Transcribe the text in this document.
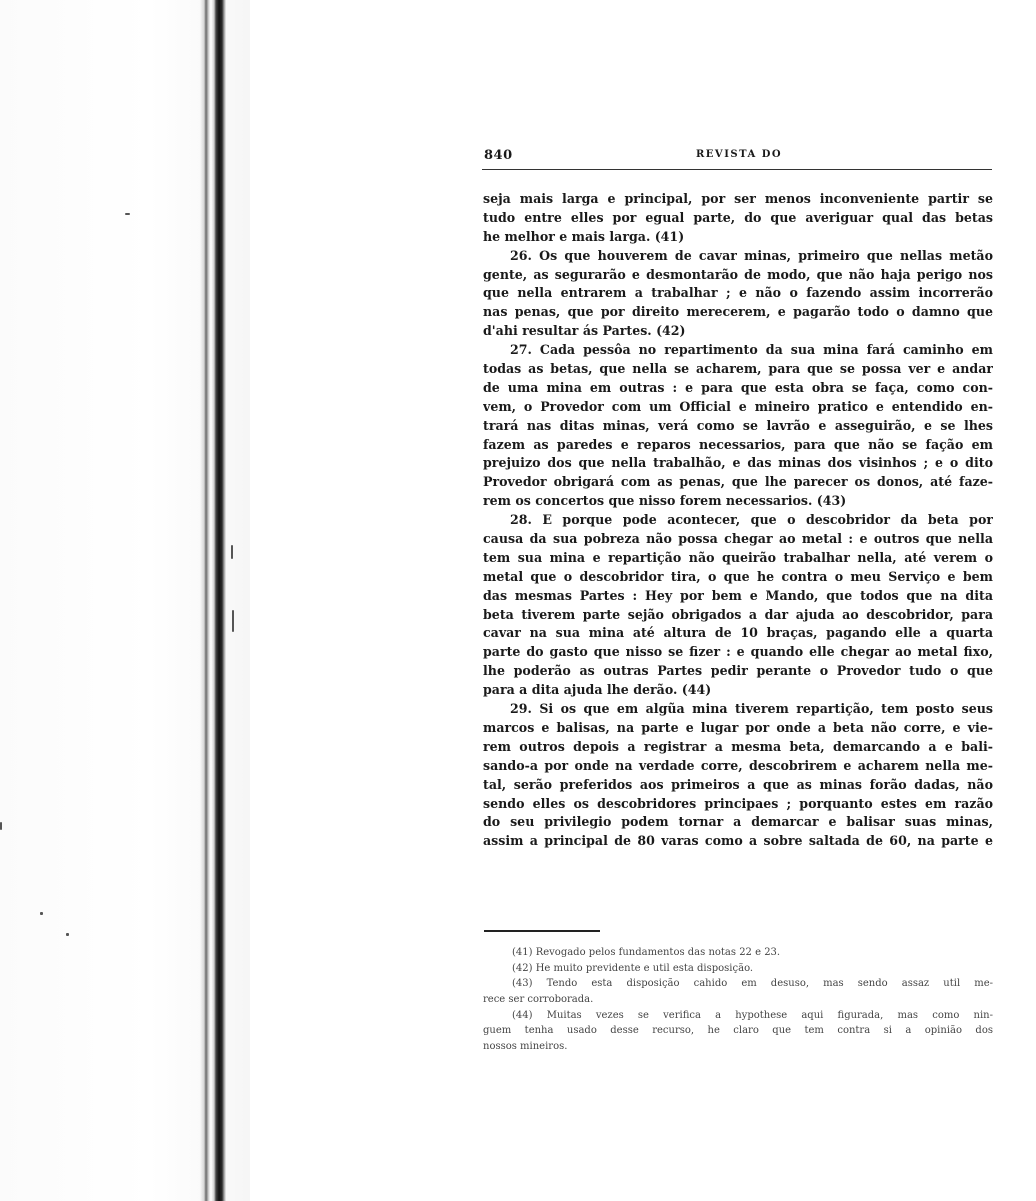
840	REVISTA DO
seja mais larga e principal, por ser menos inconveniente partir se
tudo entre elles por egual parte, do que averiguar qual das betas
he melhor e mais larga. (41)
26. Os que houverem de cavar minas, primeiro que nellas metão
gente, as segurarão e desmontarão de modo, que não haja perigo nos
que nella entrarem a trabalhar ; e não o fazendo assim incorrerão
nas penas, que por direito merecerem, e pagarão todo o damno que
d'ahi resultar ás Partes. (42)
27. Cada pessôa no repartimento da sua mina fará caminho em
todas as betas, que nella se acharem, para que se possa ver e andar
de uma mina em outras : e para que esta obra se faça, como con-
vem, o Provedor com um Official e mineiro pratico e entendido en-
trará nas ditas minas, verá como se lavrão e asseguirão, e se lhes
fazem as paredes e reparos necessarios, para que não se fação em
prejuizo dos que nella trabalhão, e das minas dos visinhos ; e o dito
Provedor obrigará com as penas, que lhe parecer os donos, até faze-
rem os concertos que nisso forem necessarios. (43)
28. E porque pode acontecer, que o descobridor da beta por
causa da sua pobreza não possa chegar ao metal : e outros que nella
tem sua mina e repartição não queirão trabalhar nella, até verem o
metal que o descobridor tira, o que he contra o meu Serviço e bem
das mesmas Partes : Hey por bem e Mando, que todos que na dita
beta tiverem parte sejão obrigados a dar ajuda ao descobridor, para
cavar na sua mina até altura de 10 braças, pagando elle a quarta
parte do gasto que nisso se fizer : e quando elle chegar ao metal fixo,
lhe poderão as outras Partes pedir perante o Provedor tudo o que
para a dita ajuda lhe derão. (44)
29. Si os que em algũa mina tiverem repartição, tem posto seus
marcos e balisas, na parte e lugar por onde a beta não corre, e vie-
rem outros depois a registrar a mesma beta, demarcando a e bali-
sando-a por onde na verdade corre, descobrirem e acharem nella me-
tal, serão preferidos aos primeiros a que as minas forão dadas, não
sendo elles os descobridores principaes ; porquanto estes em razão
do seu privilegio podem tornar a demarcar e balisar suas minas,
assim a principal de 80 varas como a sobre saltada de 60, na parte e
(41) Revogado pelos fundamentos das notas 22 e 23.
(42) He muito previdente e util esta disposição.
(43) Tendo esta disposição cahido em desuso, mas sendo assaz util me-
rece ser corroborada.
(44) Muitas vezes se verifica a hypothese aqui figurada, mas como nin-
guem tenha usado desse recurso, he claro que tem contra si a opinião dos
nossos mineiros.
